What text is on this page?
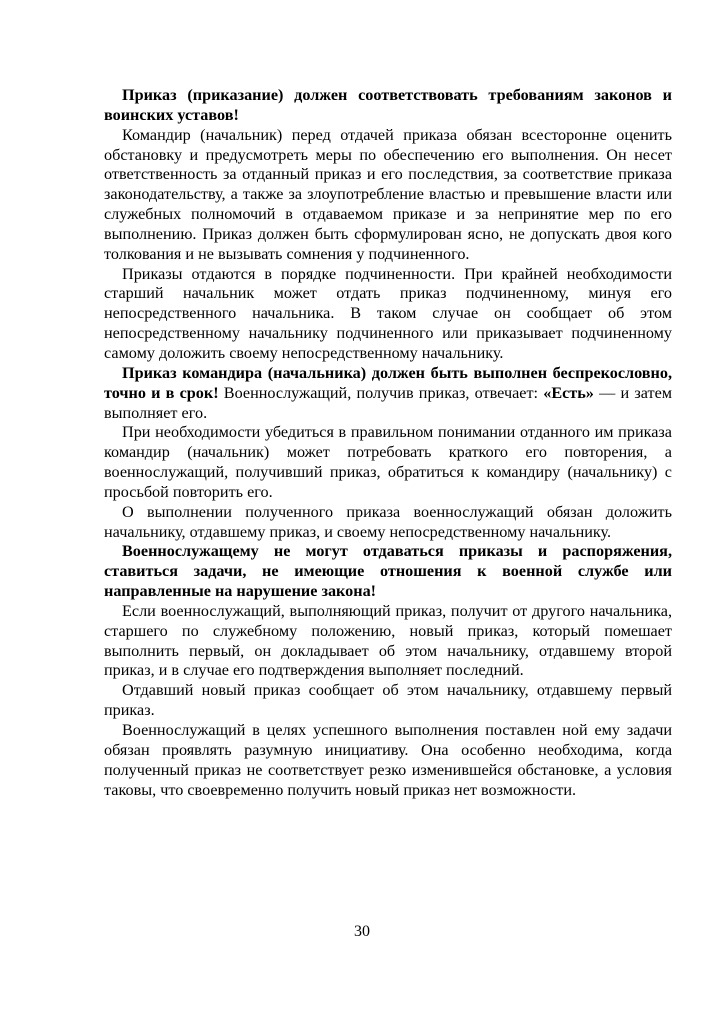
Приказ (приказание) должен соответствовать требованиям законов и воинских уставов!

Командир (начальник) перед отдачей приказа обязан всесторонне оценить обстановку и предусмотреть меры по обеспечению его выполнения. Он несет ответственность за отданный приказ и его последствия, за соответствие приказа законодательству, а также за злоупотребление властью и превышение власти или служебных полномочий в отдаваемом приказе и за непринятие мер по его выполнению. Приказ должен быть сформулирован ясно, не допускать двоя кого толкования и не вызывать сомнения у подчиненного.

Приказы отдаются в порядке подчиненности. При крайней необходимости старший начальник может отдать приказ подчиненному, минуя его непосредственного начальника. В таком случае он сообщает об этом непосредственному начальнику подчиненного или приказывает подчиненному самому доложить своему непосредственному начальнику.

Приказ командира (начальника) должен быть выполнен беспрекословно, точно и в срок! Военнослужащий, получив приказ, отвечает: «Есть» — и затем выполняет его.

При необходимости убедиться в правильном понимании отданного им приказа командир (начальник) может потребовать краткого его повторения, а военнослужащий, получивший приказ, обратиться к командиру (начальнику) с просьбой повторить его.

О выполнении полученного приказа военнослужащий обязан доложить начальнику, отдавшему приказ, и своему непосредственному начальнику.

Военнослужащему не могут отдаваться приказы и распоряжения, ставиться задачи, не имеющие отношения к военной службе или направленные на нарушение закона!

Если военнослужащий, выполняющий приказ, получит от другого начальника, старшего по служебному положению, новый приказ, который помешает выполнить первый, он докладывает об этом начальнику, отдавшему второй приказ, и в случае его подтверждения выполняет последний.

Отдавший новый приказ сообщает об этом начальнику, отдавшему первый приказ.

Военнослужащий в целях успешного выполнения поставлен ной ему задачи обязан проявлять разумную инициативу. Она особенно необходима, когда полученный приказ не соответствует резко изменившейся обстановке, а условия таковы, что своевременно получить новый приказ нет возможности.

30
